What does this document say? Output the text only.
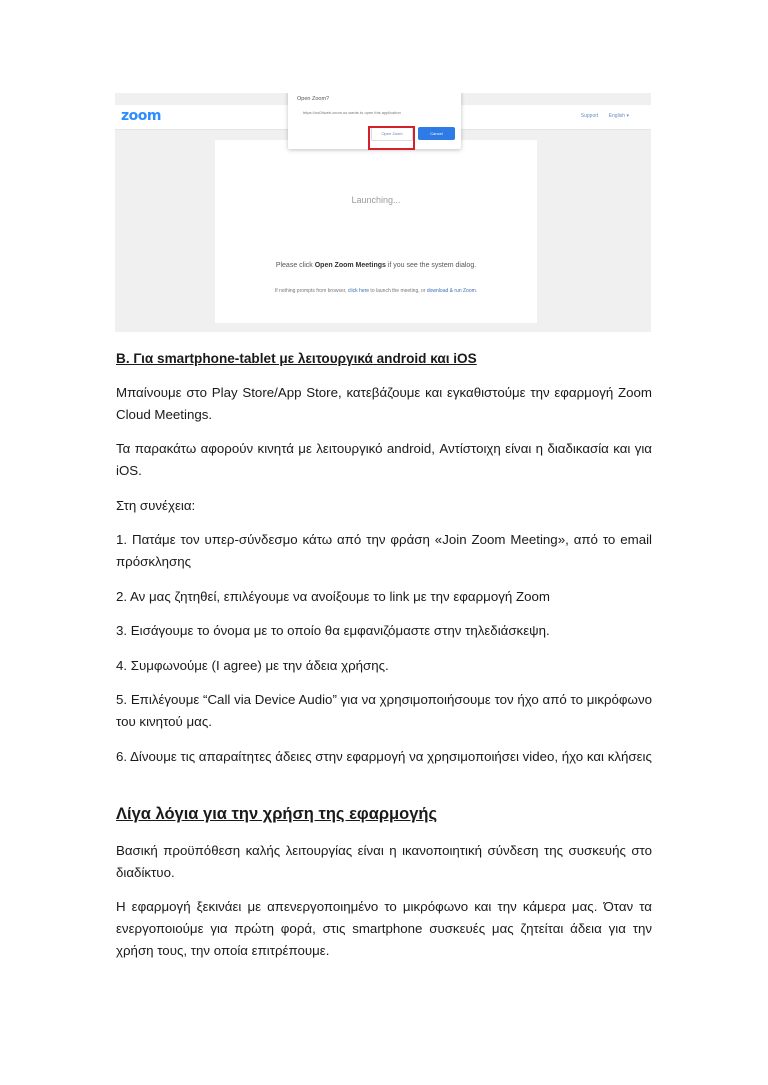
zoom	Support English ▾
Launching...
Please click Open Zoom Meetings if you see the system dialog.
If nothing prompts from browser, click here to launch the meeting, or download & run Zoom.
Open Zoom?
https://us04web.zoom.us wants to open this application
Open Zoom	Cancel
Β. Για smartphone-tablet με λειτουργικά android και iOS
Μπαίνουμε στο Play Store/App Store, κατεβάζουμε και εγκαθιστούμε την εφαρμογή Zoom Cloud Meetings.
Τα παρακάτω αφορούν κινητά με λειτουργικό android, Αντίστοιχη είναι η διαδικασία και για iOS.
Στη συνέχεια:
1. Πατάμε τον υπερ-σύνδεσμο κάτω από την φράση «Join Zoom Meeting», από το email πρόσκλησης
2. Αν μας ζητηθεί, επιλέγουμε να ανοίξουμε το link με την εφαρμογή Zoom
3. Εισάγουμε το όνομα με το οποίο θα εμφανιζόμαστε στην τηλεδιάσκεψη.
4. Συμφωνούμε (I agree) με την άδεια χρήσης.
5. Επιλέγουμε “Call via Device Audio” για να χρησιμοποιήσουμε τον ήχο από το μικρόφωνο του κινητού μας.
6. Δίνουμε τις απαραίτητες άδειες στην εφαρμογή να χρησιμοποιήσει video, ήχο και κλήσεις
Λίγα λόγια για την χρήση της εφαρμογής
Βασική προϋπόθεση καλής λειτουργίας είναι η ικανοποιητική σύνδεση της συσκευής στο διαδίκτυο.
Η εφαρμογή ξεκινάει με απενεργοποιημένο το μικρόφωνο και την κάμερα μας. Όταν τα ενεργοποιούμε για πρώτη φορά, στις smartphone συσκευές μας ζητείται άδεια για την χρήση τους, την οποία επιτρέπουμε.
